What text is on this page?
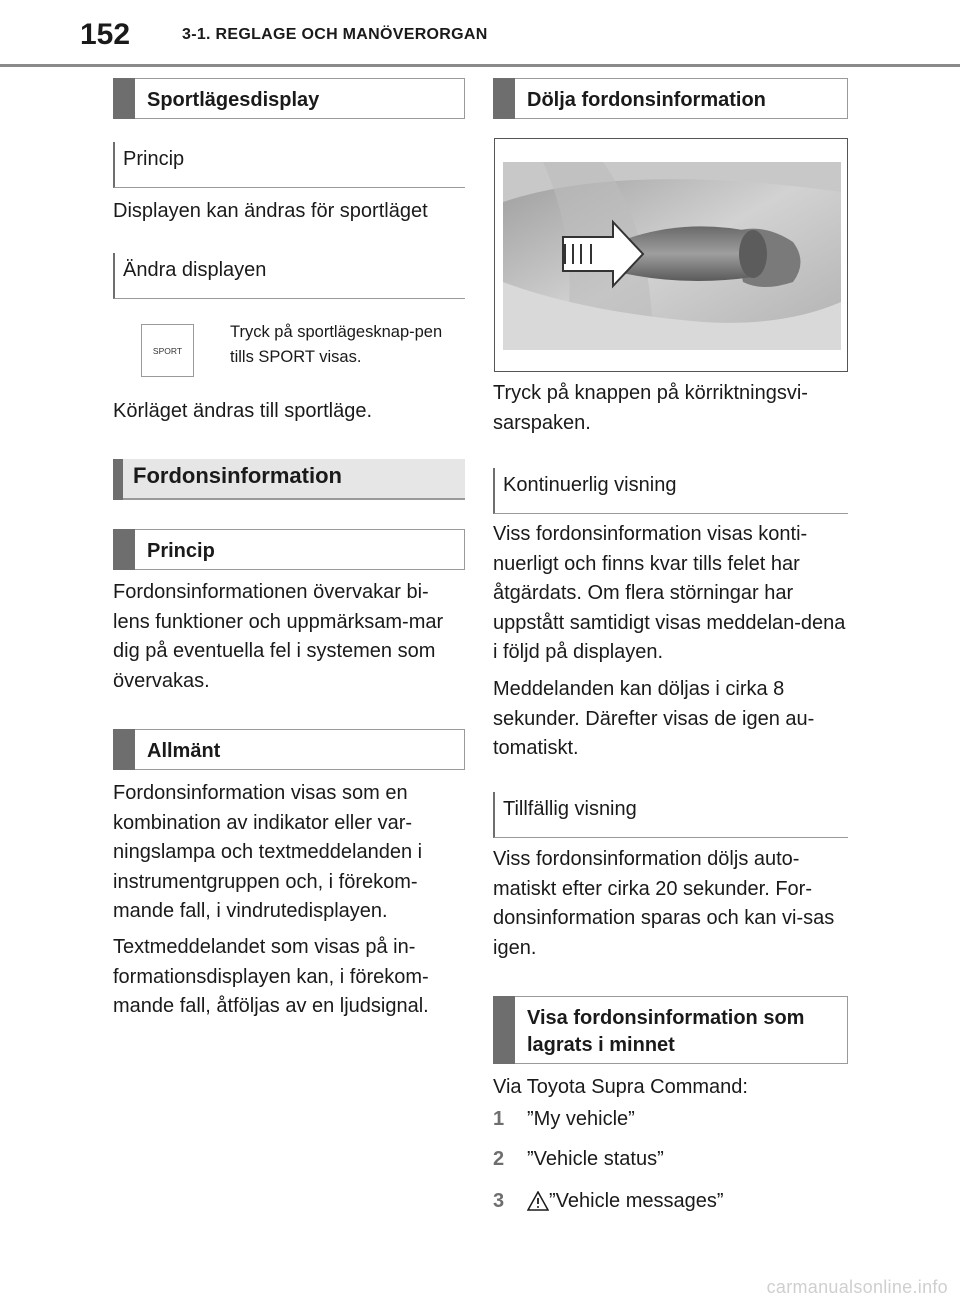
152	3-1. REGLAGE OCH MANÖVERORGAN
Sportlägesdisplay
Princip
Displayen kan ändras för sportläget
Ändra displayen
SPORT
Tryck på sportlägesknap-pen tills SPORT visas.
Körläget ändras till sportläge.
Fordonsinformation
Princip
Fordonsinformationen övervakar bi-lens funktioner och uppmärksam-mar dig på eventuella fel i systemen som övervakas.
Allmänt
Fordonsinformation visas som en kombination av indikator eller var-ningslampa och textmeddelanden i instrumentgruppen och, i förekom-mande fall, i vindrutedisplayen.
Textmeddelandet som visas på in-formationsdisplayen kan, i förekom-mande fall, åtföljas av en ljudsignal.
Dölja fordonsinformation
Tryck på knappen på körriktningsvi-sarspaken.
Kontinuerlig visning
Viss fordonsinformation visas konti-nuerligt och finns kvar tills felet har åtgärdats. Om flera störningar har uppstått samtidigt visas meddelan-dena i följd på displayen.
Meddelanden kan döljas i cirka 8 sekunder. Därefter visas de igen au-tomatiskt.
Tillfällig visning
Viss fordonsinformation döljs auto-matiskt efter cirka 20 sekunder. For-donsinformation sparas och kan vi-sas igen.
Visa fordonsinformation som lagrats i minnet
Via Toyota Supra Command:
1 ”My vehicle”
2 ”Vehicle status”
3 ”Vehicle messages”
carmanualsonline.info
